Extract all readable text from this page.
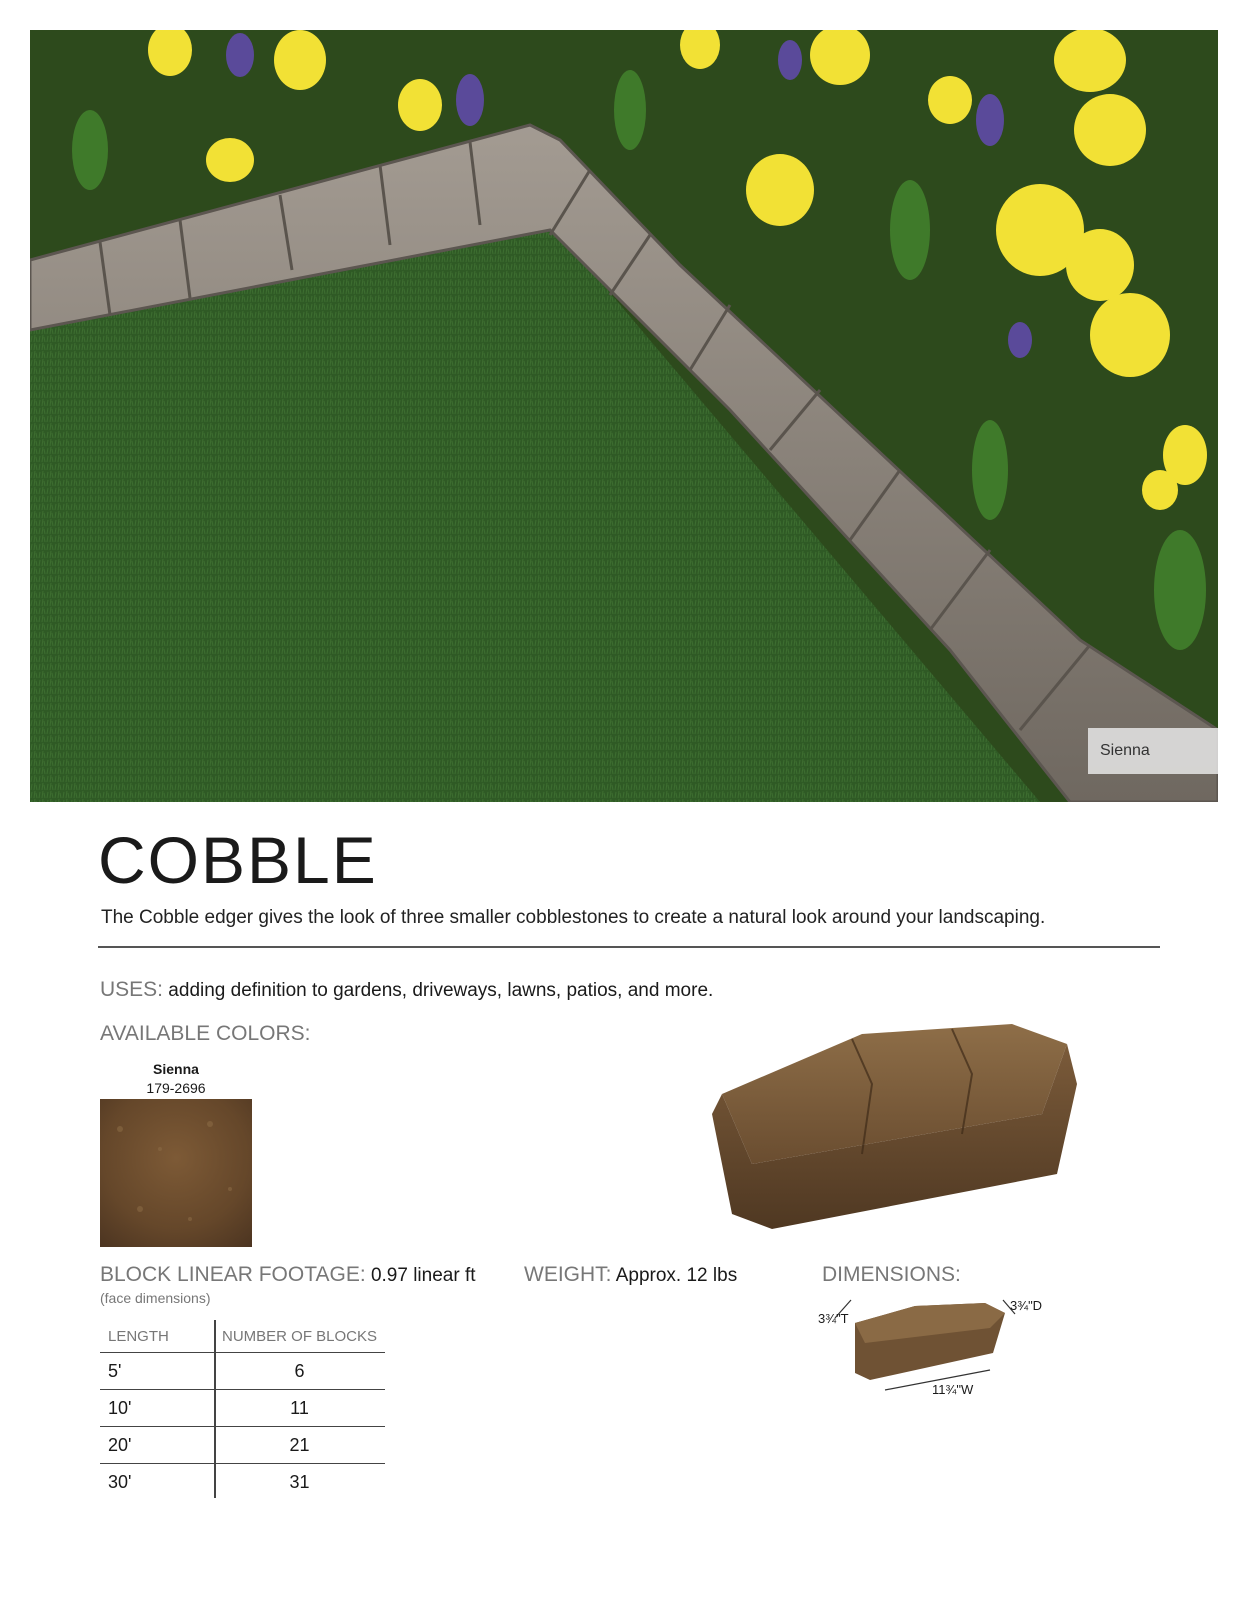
Sienna
COBBLE
The Cobble edger gives the look of three smaller cobblestones to create a natural look around your landscaping.
USES: adding definition to gardens, driveways, lawns, patios, and more.
AVAILABLE COLORS:
Sienna
179-2696
BLOCK LINEAR FOOTAGE: 0.97 linear ft
(face dimensions)
WEIGHT: Approx. 12 lbs	DIMENSIONS:
3¾"T
3¾"D
11¾"W
LENGTH	NUMBER OF BLOCKS
5'	6
10'	11
20'	21
30'	31
